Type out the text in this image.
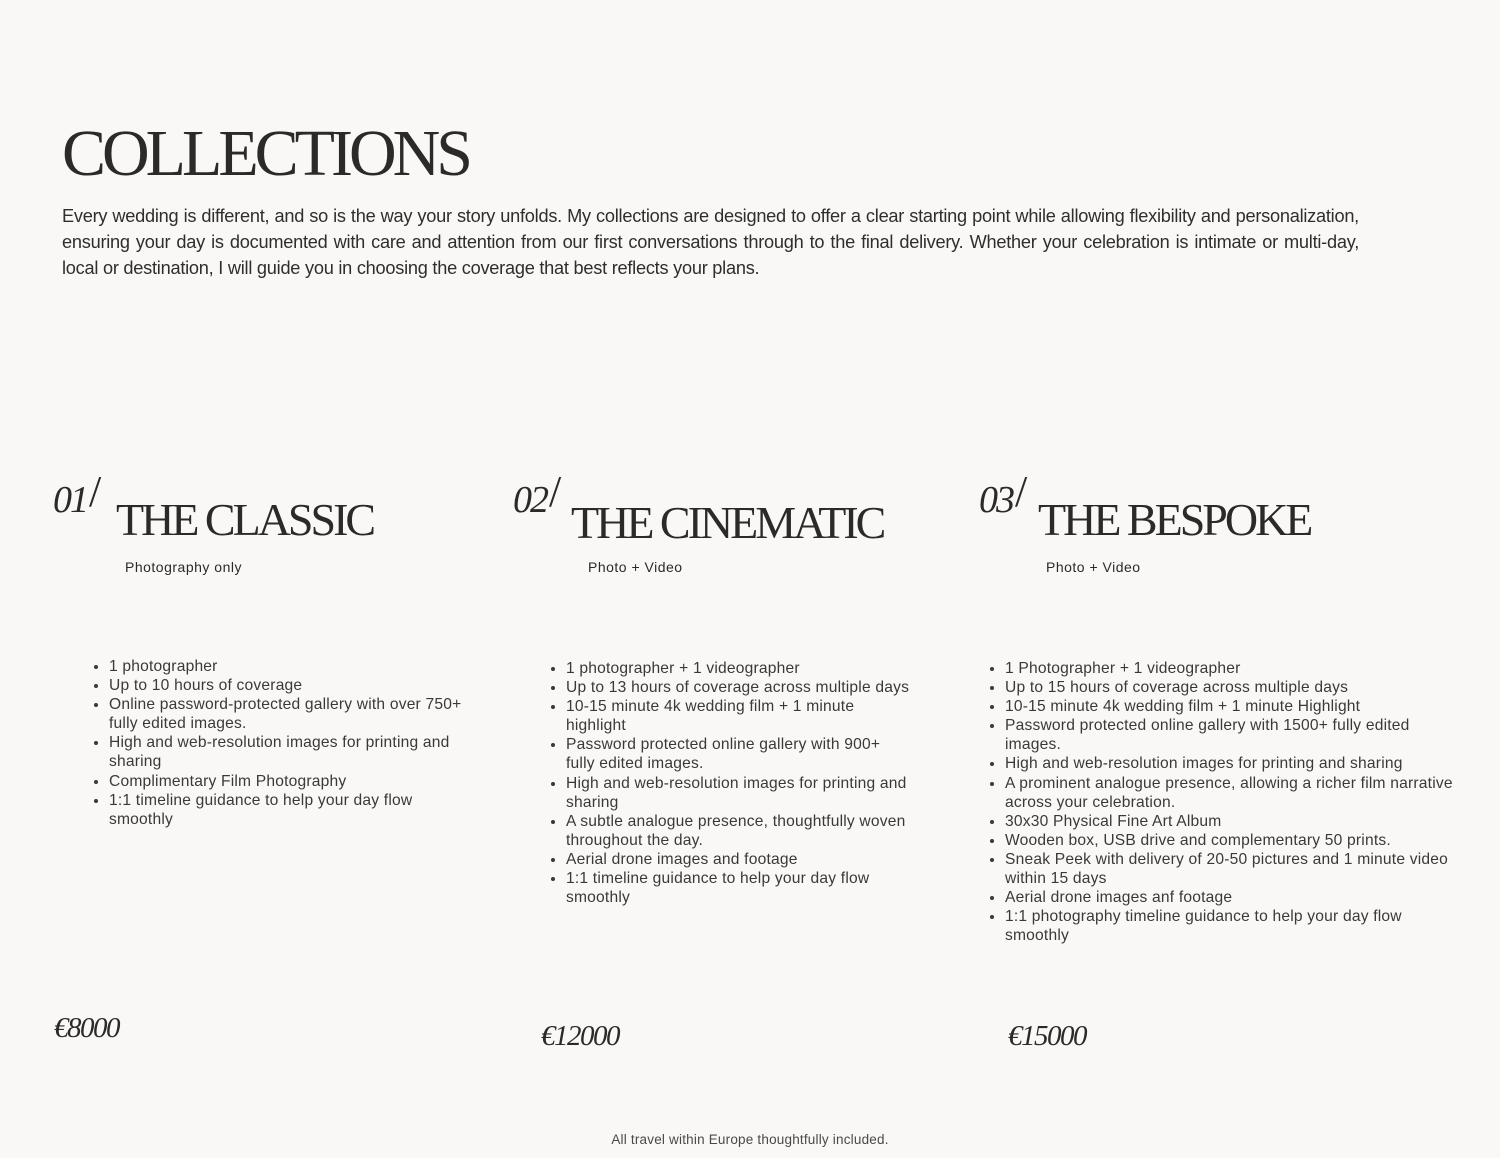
COLLECTIONS

Every wedding is different, and so is the way your story unfolds. My collections are designed to offer a clear starting point while allowing flexibility and personalization, ensuring your day is documented with care and attention from our first conversations through to the final delivery. Whether your celebration is intimate or multi-day, local or destination, I will guide you in choosing the coverage that best reflects your plans.

01/
THE CLASSIC
Photography only
• 1 photographer
• Up to 10 hours of coverage
• Online password-protected gallery with over 750+ fully edited images.
• High and web-resolution images for printing and sharing
• Complimentary Film Photography
• 1:1 timeline guidance to help your day flow smoothly
€8000
02/
THE CINEMATIC
Photo + Video
• 1 photographer + 1 videographer
• Up to 13 hours of coverage across multiple days
• 10-15 minute 4k wedding film + 1 minute highlight
• Password protected online gallery with 900+ fully edited images.
• High and web-resolution images for printing and sharing
• A subtle analogue presence, thoughtfully woven throughout the day.
• Aerial drone images and footage
• 1:1 timeline guidance to help your day flow smoothly
€12000
03/
THE BESPOKE
Photo + Video
• 1 Photographer + 1 videographer
• Up to 15 hours of coverage across multiple days
• 10-15 minute 4k wedding film + 1 minute Highlight
• Password protected online gallery with 1500+ fully edited images.
• High and web-resolution images for printing and sharing
• A prominent analogue presence, allowing a richer film narrative across your celebration.
• 30x30 Physical Fine Art Album
• Wooden box, USB drive and complementary 50 prints.
• Sneak Peek with delivery of 20-50 pictures and 1 minute video within 15 days
• Aerial drone images anf footage
• 1:1 photography timeline guidance to help your day flow smoothly
€15000
All travel within Europe thoughtfully included.
